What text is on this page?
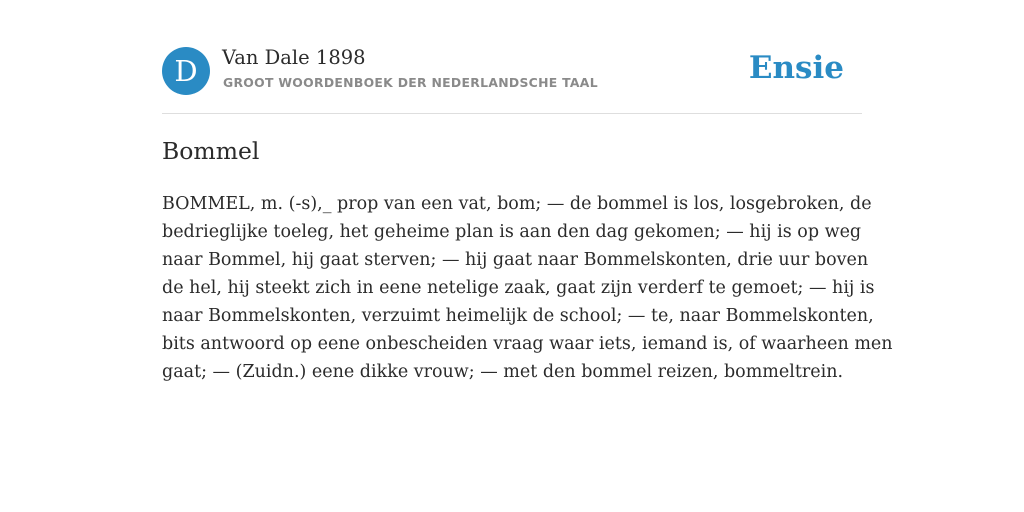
D	Van Dale 1898
GROOT WOORDENBOEK DER NEDERLANDSCHE TAAL	Ensie
Bommel
BOMMEL, m. (-s),_ prop van een vat, bom; — de bommel is los, losgebroken, de
bedrieglijke toeleg, het geheime plan is aan den dag gekomen; — hij is op weg
naar Bommel, hij gaat sterven; — hij gaat naar Bommelskonten, drie uur boven
de hel, hij steekt zich in eene netelige zaak, gaat zijn verderf te gemoet; — hij is
naar Bommelskonten, verzuimt heimelijk de school; — te, naar Bommelskonten,
bits antwoord op eene onbescheiden vraag waar iets, iemand is, of waarheen men
gaat; — (Zuidn.) eene dikke vrouw; — met den bommel reizen, bommeltrein.
